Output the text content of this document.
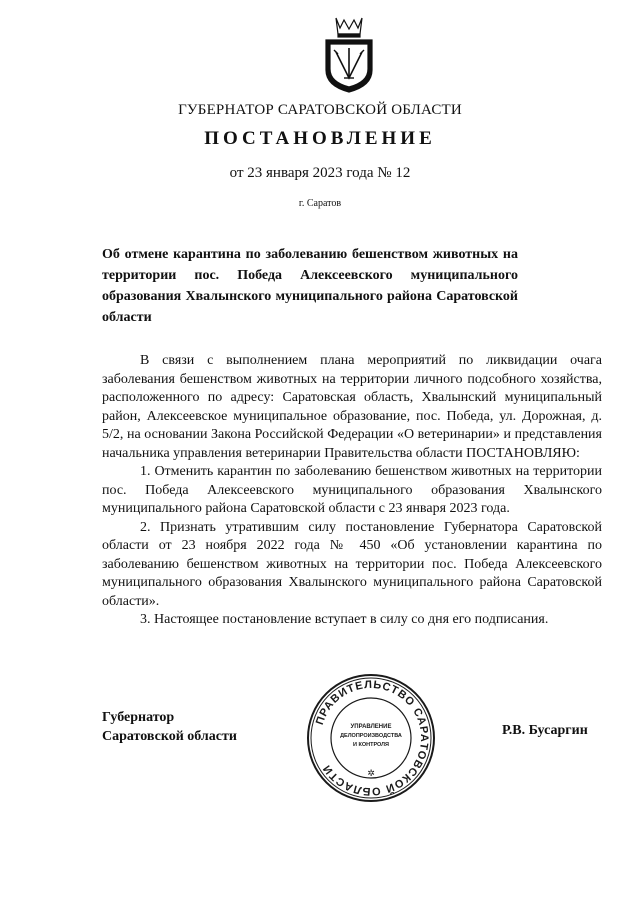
ГУБЕРНАТОР САРАТОВСКОЙ ОБЛАСТИ
ПОСТАНОВЛЕНИЕ
от 23 января 2023 года № 12
г. Саратов
Об отмене карантина по заболеванию бешенством животных на территории пос. Победа Алексеевского муниципального образования Хвалынского муниципального района Саратовской области

В связи с выполнением плана мероприятий по ликвидации очага заболевания бешенством животных на территории личного подсобного хозяйства, расположенного по адресу: Саратовская область, Хвалынский муниципальный район, Алексеевское муниципальное образование, пос. Победа, ул. Дорожная, д. 5/2, на основании Закона Российской Федерации «О ветеринарии» и представления начальника управления ветеринарии Правительства области ПОСТАНОВЛЯЮ:

1. Отменить карантин по заболеванию бешенством животных на территории пос. Победа Алексеевского муниципального образования Хвалынского муниципального района Саратовской области с 23 января 2023 года.

2. Признать утратившим силу постановление Губернатора Саратовской области от 23 ноября 2022 года № 450 «Об установлении карантина по заболеванию бешенством животных на территории пос. Победа Алексеевского муниципального образования Хвалынского муниципального района Саратовской области».

3. Настоящее постановление вступает в силу со дня его подписания.

Губернатор
Саратовской области
ПРАВИТЕЛЬСТВО САРАТОВСКОЙ ОБЛАСТИ
УПРАВЛЕНИЕ
ДЕЛОПРОИЗВОДСТВА
И КОНТРОЛЯ
✲
Р.В. Бусаргин
